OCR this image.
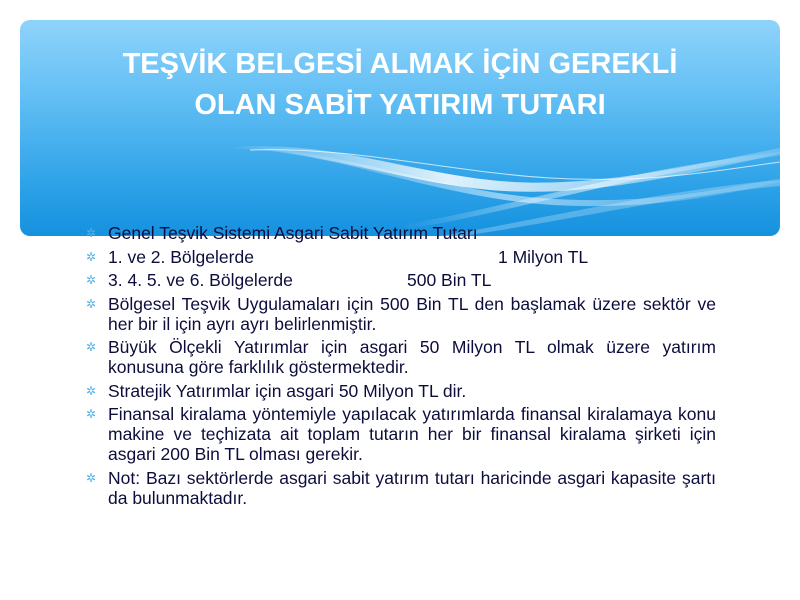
TEŞVİK BELGESİ ALMAK İÇİN GEREKLİ
OLAN SABİT YATIRIM TUTARI
✲ Genel Teşvik Sistemi Asgari Sabit Yatırım Tutarı
✲ 1. ve 2. Bölgelerde	1 Milyon TL
✲ 3. 4. 5. ve 6. Bölgelerde	500 Bin TL
✲ Bölgesel Teşvik Uygulamaları için 500 Bin TL den başlamak üzere sektör ve her bir il için ayrı ayrı belirlenmiştir.
✲ Büyük Ölçekli Yatırımlar için asgari 50 Milyon TL olmak üzere yatırım konusuna göre farklılık göstermektedir.
✲ Stratejik Yatırımlar için asgari 50 Milyon TL dir.
✲ Finansal kiralama yöntemiyle yapılacak yatırımlarda finansal kiralamaya konu makine ve teçhizata ait toplam tutarın her bir finansal kiralama şirketi için asgari 200 Bin TL olması gerekir.
✲ Not: Bazı sektörlerde asgari sabit yatırım tutarı haricinde asgari kapasite şartı da bulunmaktadır.
